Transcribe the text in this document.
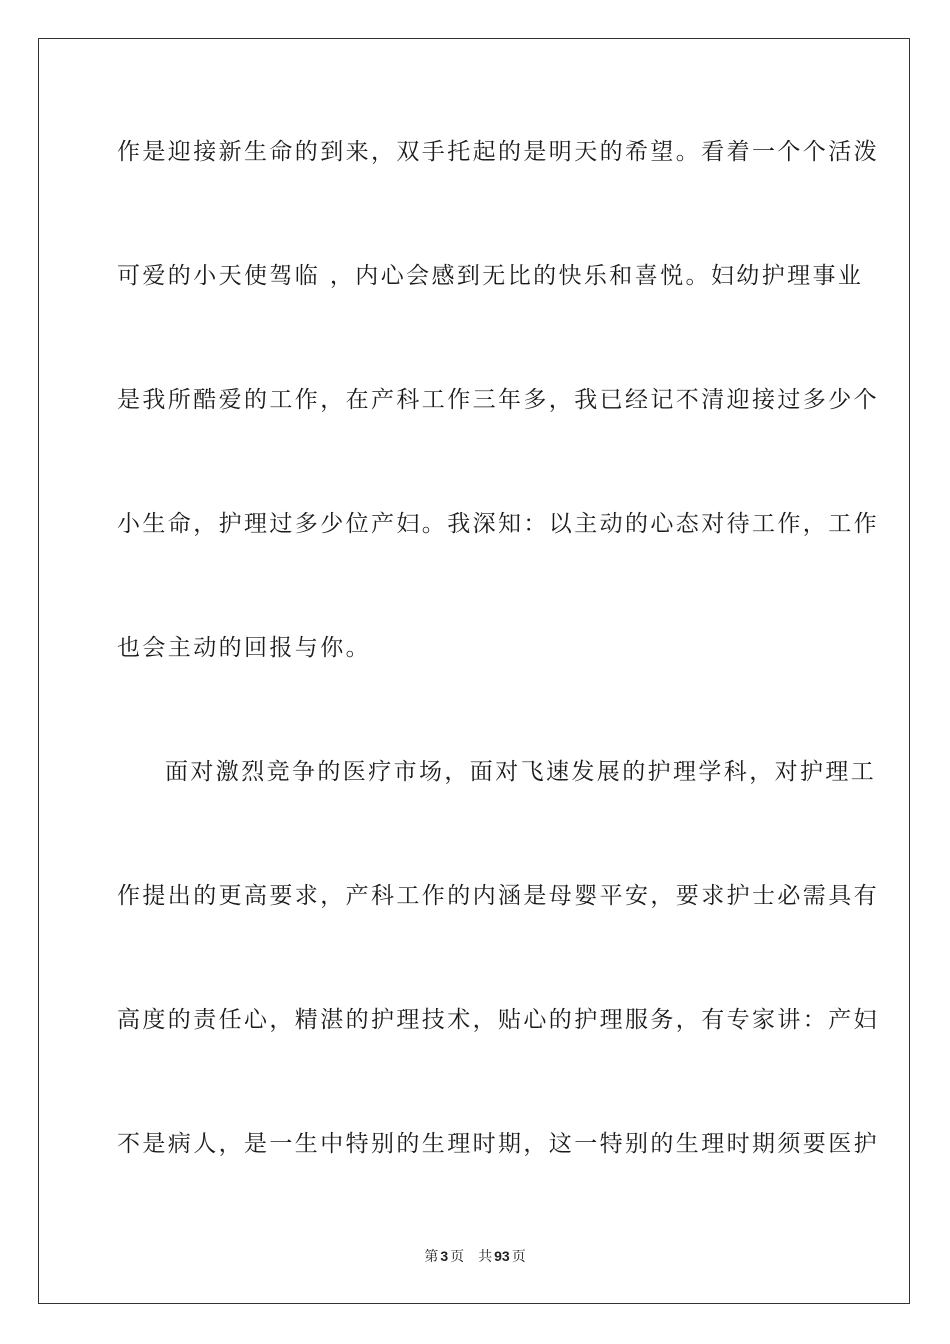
作是迎接新生命的到来，双手托起的是明天的希望。看着一个个活泼
可爱的小天使驾临 ，内心会感到无比的快乐和喜悦。妇幼护理事业
是我所酷爱的工作，在产科工作三年多，我已经记不清迎接过多少个
小生命，护理过多少位产妇。我深知：以主动的心态对待工作，工作
也会主动的回报与你。
面对激烈竞争的医疗市场，面对飞速发展的护理学科，对护理工
作提出的更高要求，产科工作的内涵是母婴平安，要求护士必需具有
高度的责任心，精湛的护理技术，贴心的护理服务，有专家讲：产妇
不是病人，是一生中特别的生理时期，这一特别的生理时期须要医护
第 3 页 共 93 页
